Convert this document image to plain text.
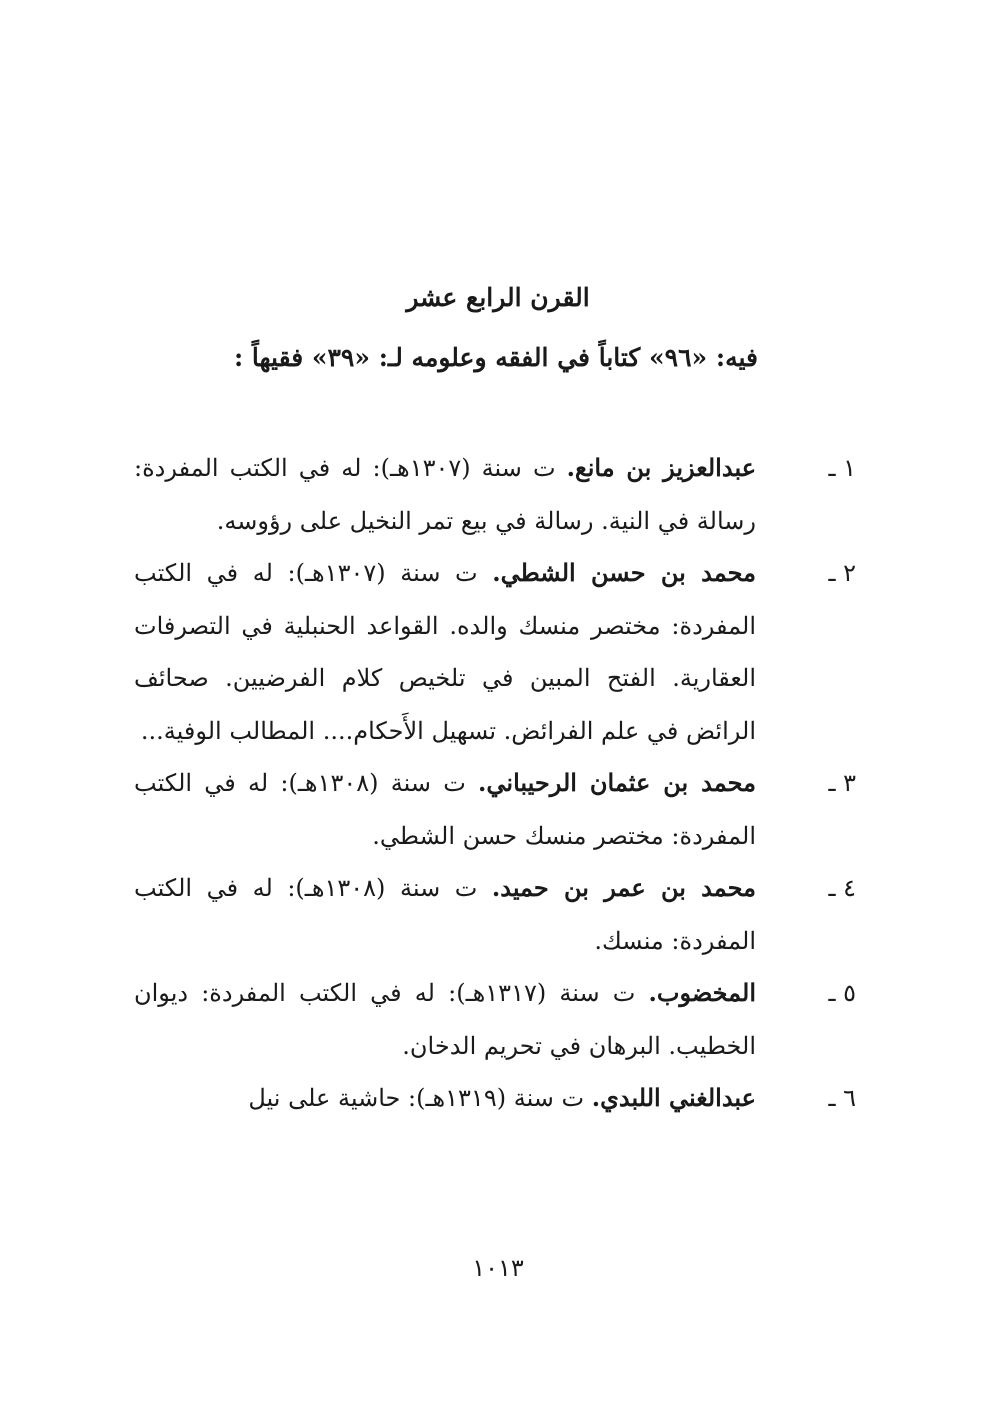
القرن الرابع عشر
فيه: «٩٦» كتاباً في الفقه وعلومه لـ: «٣٩» فقيهاً :
١ ـ
عبدالعزيز بن مانع. ت سنة (١٣٠٧هـ): له في الكتب المفردة: رسالة في النية. رسالة في بيع تمر النخيل على رؤوسه.
٢ ـ
محمد بن حسن الشطي. ت سنة (١٣٠٧هـ): له في الكتب المفردة: مختصر منسك والده. القواعد الحنبلية في التصرفات العقارية. الفتح المبين في تلخيص كلام الفرضيين. صحائف الرائض في علم الفرائض. تسهيل الأَحكام.... المطالب الوفية...
٣ ـ
محمد بن عثمان الرحيباني. ت سنة (١٣٠٨هـ): له في الكتب المفردة: مختصر منسك حسن الشطي.
٤ ـ
محمد بن عمر بن حميد. ت سنة (١٣٠٨هـ): له في الكتب المفردة: منسك.
٥ ـ
المخضوب. ت سنة (١٣١٧هـ): له في الكتب المفردة: ديوان الخطيب. البرهان في تحريم الدخان.
٦ ـ
عبدالغني اللبدي. ت سنة (١٣١٩هـ): حاشية على نيل
١٠١٣
